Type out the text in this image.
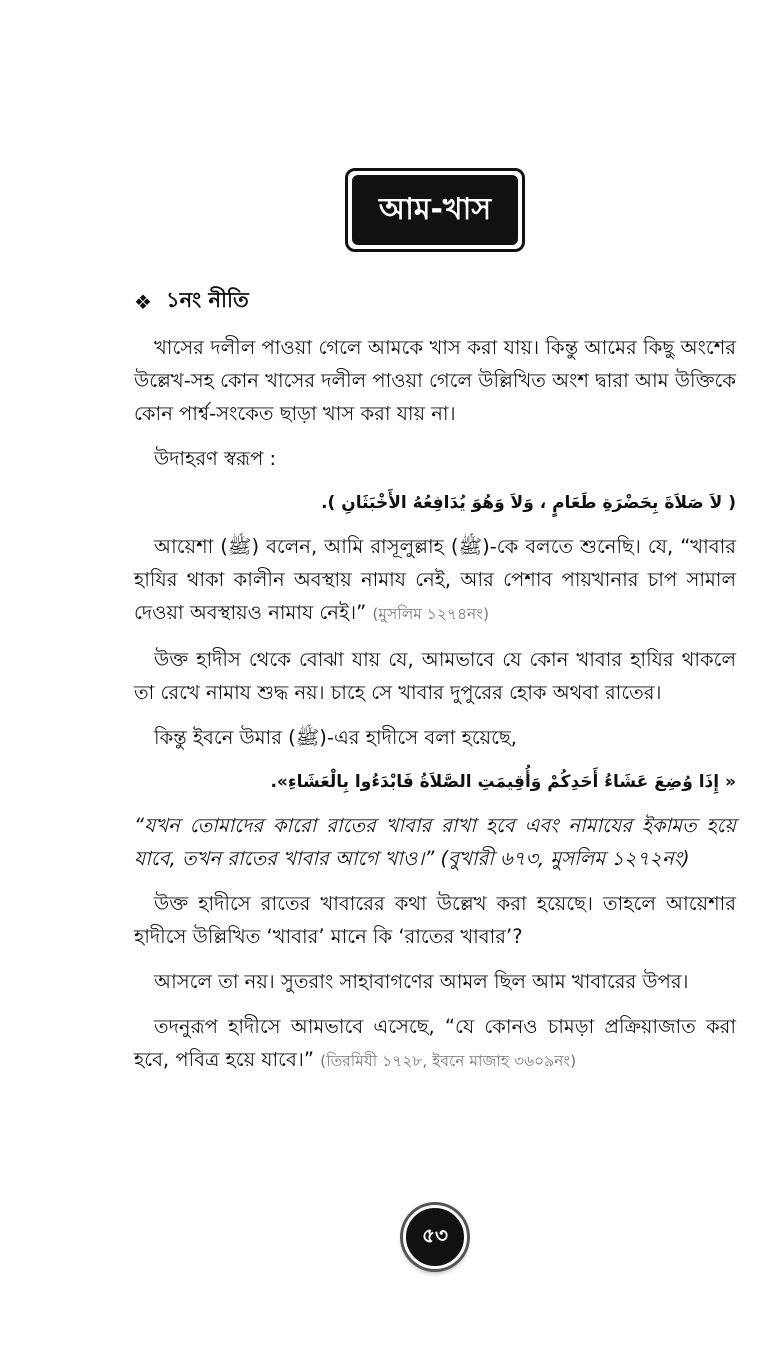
আম-খাস
❖ ১নং নীতি

খাসের দলীল পাওয়া গেলে আমকে খাস করা যায়। কিন্তু আমের কিছু অংশের উল্লেখ-সহ কোন খাসের দলীল পাওয়া গেলে উল্লিখিত অংশ দ্বারা আম উক্তিকে কোন পার্শ্ব-সংকেত ছাড়া খাস করা যায় না।

উদাহরণ স্বরূপ :

( لاَ صَلاَةَ بِحَضْرَةِ طَعَامٍ ، وَلاَ وَهُوَ يُدَافِعُهُ الأَخْبَثَانِ ).

আয়েশা (ﷺ) বলেন, আমি রাসূলুল্লাহ (ﷺ)-কে বলতে শুনেছি। যে, “খাবার হাযির থাকা কালীন অবস্থায় নামায নেই, আর পেশাব পায়খানার চাপ সামাল দেওয়া অবস্থায়ও নামায নেই।” (মুসলিম ১২৭৪নং)

উক্ত হাদীস থেকে বোঝা যায় যে, আমভাবে যে কোন খাবার হাযির থাকলে তা রেখে নামায শুদ্ধ নয়। চাহে সে খাবার দুপুরের হোক অথবা রাতের।

কিন্তু ইবনে উমার (ﷺ)-এর হাদীসে বলা হয়েছে,

« إِذَا وُضِعَ عَشَاءُ أَحَدِكُمْ وَأُقِيمَتِ الصَّلاَةُ فَابْدَءُوا بِالْعَشَاءِ».

“যখন তোমাদের কারো রাতের খাবার রাখা হবে এবং নামাযের ইকামত হয়ে যাবে, তখন রাতের খাবার আগে খাও।” (বুখারী ৬৭৩, মুসলিম ১২৭২নং)

উক্ত হাদীসে রাতের খাবারের কথা উল্লেখ করা হয়েছে। তাহলে আয়েশার হাদীসে উল্লিখিত ‘খাবার’ মানে কি ‘রাতের খাবার’?

আসলে তা নয়। সুতরাং সাহাবাগণের আমল ছিল আম খাবারের উপর।

তদনুরূপ হাদীসে আমভাবে এসেছে, “যে কোনও চামড়া প্রক্রিয়াজাত করা হবে, পবিত্র হয়ে যাবে।” (তিরমিযী ১৭২৮, ইবনে মাজাহ ৩৬০৯নং)

৫৩
